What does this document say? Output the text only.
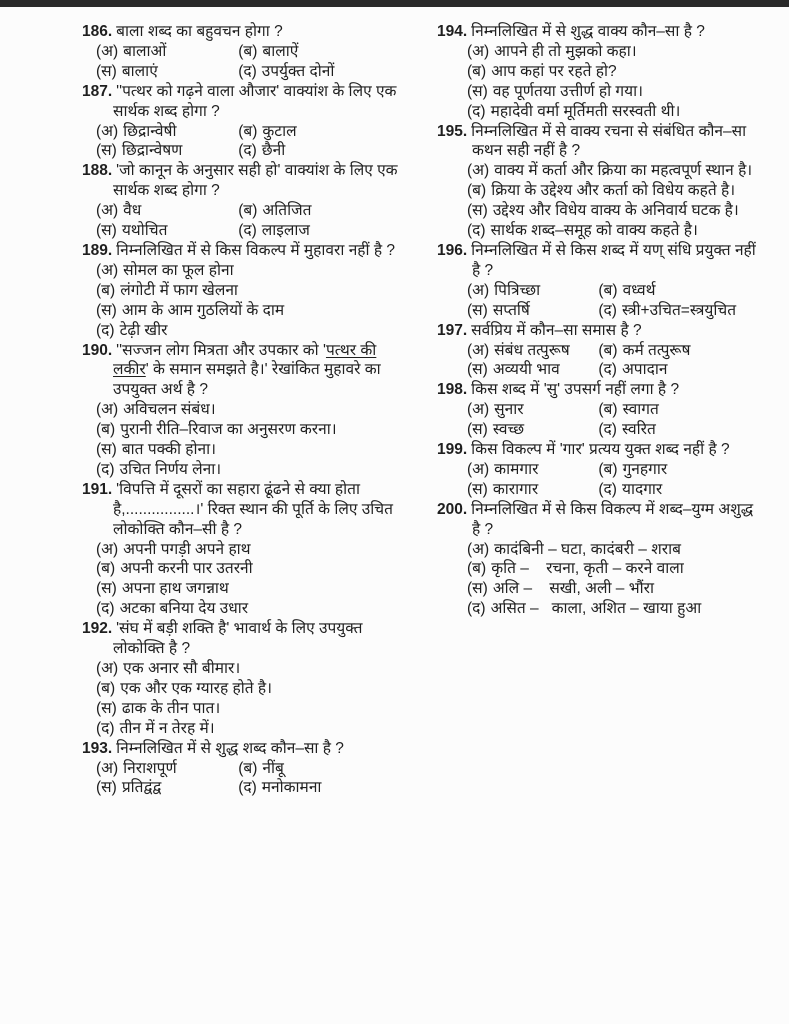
186. बाला शब्द का बहुवचन होगा ?
(अ) बालाओं	(ब) बालाऐं
(स) बालाएं	(द) उपर्युक्त दोनों
187. ''पत्थर को गढ़ने वाला औजार' वाक्यांश के लिए एक सार्थक शब्द होगा ?
(अ) छिद्रान्वेषी	(ब) कुटाल
(स) छिद्रान्वेषण	(द) छैनी
188. 'जो कानून के अनुसार सही हो' वाक्यांश के लिए एक सार्थक शब्द होगा ?
(अ) वैध	(ब) अतिजित
(स) यथोचित	(द) लाइलाज
189. निम्नलिखित में से किस विकल्प में मुहावरा नहीं है ?
(अ) सोमल का फूल होना
(ब) लंगोटी में फाग खेलना
(स) आम के आम गुठलियों के दाम
(द) टेढ़ी खीर
190. ''सज्जन लोग मित्रता और उपकार को 'पत्थर की लकीर' के समान समझते है।' रेखांकित मुहावरे का उपयुक्त अर्थ है ?
(अ) अविचलन संबंध।
(ब) पुरानी रीति–रिवाज का अनुसरण करना।
(स) बात पक्की होना।
(द) उचित निर्णय लेना।
191. 'विपत्ति में दूसरों का सहारा ढूंढने से क्या होता है,................।' रिक्त स्थान की पूर्ति के लिए उचित लोकोक्ति कौन–सी है ?
(अ) अपनी पगड़ी अपने हाथ
(ब) अपनी करनी पार उतरनी
(स) अपना हाथ जगन्नाथ
(द) अटका बनिया देय उधार
192. 'संघ में बड़ी शक्ति है' भावार्थ के लिए उपयुक्त लोकोक्ति है ?
(अ) एक अनार सौ बीमार।
(ब) एक और एक ग्यारह होते है।
(स) ढाक के तीन पात।
(द) तीन में न तेरह में।
193. निम्नलिखित में से शुद्ध शब्द कौन–सा है ?
(अ) निराशपूर्ण	(ब) नींबू
(स) प्रतिद्वंद्व	(द) मनोकामना
194. निम्नलिखित में से शुद्ध वाक्य कौन–सा है ?
(अ) आपने ही तो मुझको कहा।
(ब) आप कहां पर रहते हो?
(स) वह पूर्णतया उत्तीर्ण हो गया।
(द) महादेवी वर्मा मूर्तिमती सरस्वती थी।
195. निम्नलिखित में से वाक्य रचना से संबंधित कौन–सा कथन सही नहीं है ?
(अ) वाक्य में कर्ता और क्रिया का महत्वपूर्ण स्थान है।
(ब) क्रिया के उद्देश्य और कर्ता को विधेय कहते है।
(स) उद्देश्य और विधेय वाक्य के अनिवार्य घटक है।
(द) सार्थक शब्द–समूह को वाक्य कहते है।
196. निम्नलिखित में से किस शब्द में यण् संधि प्रयुक्त नहीं है ?
(अ) पित्रिच्छा	(ब) वध्वर्थ
(स) सप्तर्षि	(द) स्त्री+उचित=स्त्रयुचित
197. सर्वप्रिय में कौन–सा समास है ?
(अ) संबंध तत्पुरूष	(ब) कर्म तत्पुरूष
(स) अव्ययी भाव	(द) अपादान
198. किस शब्द में 'सु' उपसर्ग नहीं लगा है ?
(अ) सुनार	(ब) स्वागत
(स) स्वच्छ	(द) स्वरित
199. किस विकल्प में 'गार' प्रत्यय युक्त शब्द नहीं है ?
(अ) कामगार	(ब) गुनहगार
(स) कारागार	(द) यादगार
200. निम्नलिखित में से किस विकल्प में शब्द–युग्म अशुद्ध है ?
(अ) कादंबिनी – घटा, कादंबरी – शराब
(ब) कृति –    रचना, कृती – करने वाला
(स) अलि –    सखी, अली – भौंरा
(द) असित –   काला, अशित – खाया हुआ
